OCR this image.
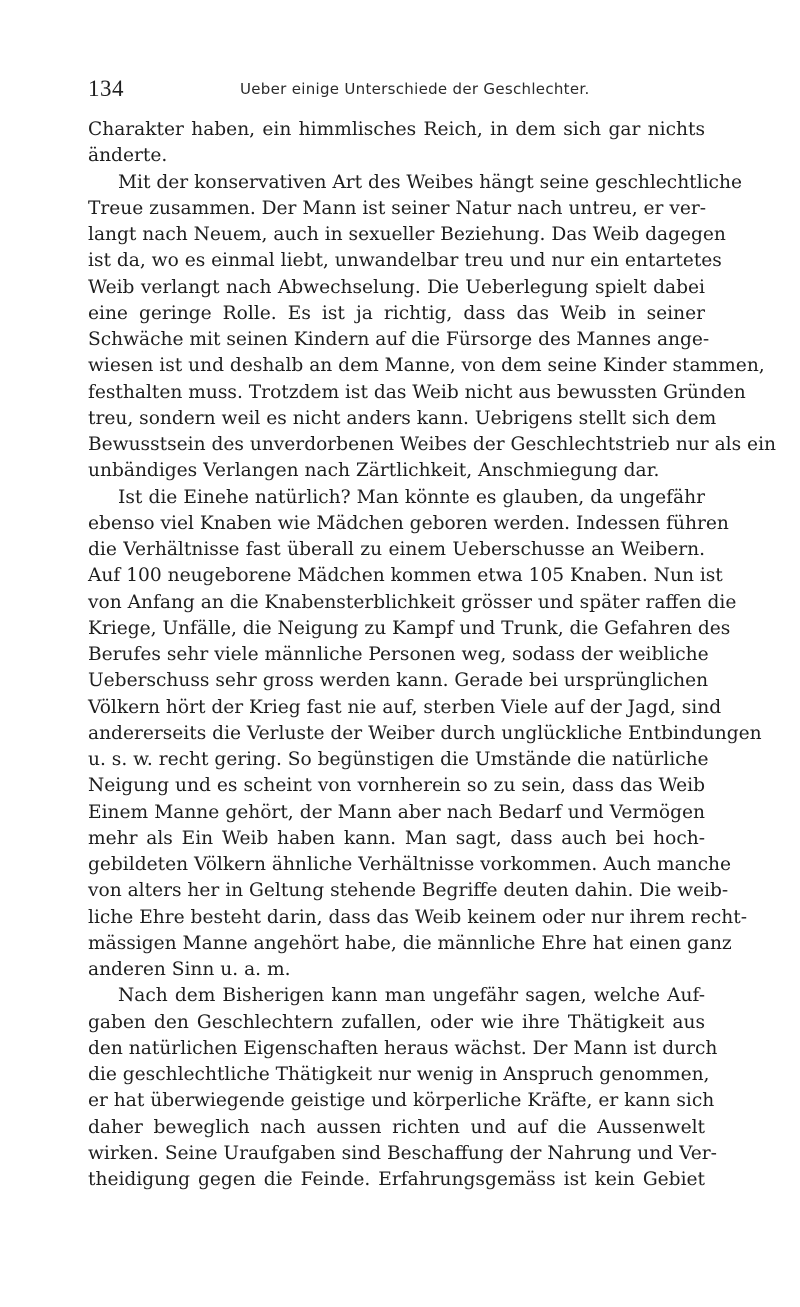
134	Ueber einige Unterschiede der Geschlechter.
Charakter haben, ein himmlisches Reich, in dem sich gar nichts
änderte.
Mit der konservativen Art des Weibes hängt seine geschlechtliche
Treue zusammen. Der Mann ist seiner Natur nach untreu, er ver-
langt nach Neuem, auch in sexueller Beziehung. Das Weib dagegen
ist da, wo es einmal liebt, unwandelbar treu und nur ein entartetes
Weib verlangt nach Abwechselung. Die Ueberlegung spielt dabei
eine geringe Rolle. Es ist ja richtig, dass das Weib in seiner
Schwäche mit seinen Kindern auf die Fürsorge des Mannes ange-
wiesen ist und deshalb an dem Manne, von dem seine Kinder stammen,
festhalten muss. Trotzdem ist das Weib nicht aus bewussten Gründen
treu, sondern weil es nicht anders kann. Uebrigens stellt sich dem
Bewusstsein des unverdorbenen Weibes der Geschlechtstrieb nur als ein
unbändiges Verlangen nach Zärtlichkeit, Anschmiegung dar.
Ist die Einehe natürlich? Man könnte es glauben, da ungefähr
ebenso viel Knaben wie Mädchen geboren werden. Indessen führen
die Verhältnisse fast überall zu einem Ueberschusse an Weibern.
Auf 100 neugeborene Mädchen kommen etwa 105 Knaben. Nun ist
von Anfang an die Knabensterblichkeit grösser und später raffen die
Kriege, Unfälle, die Neigung zu Kampf und Trunk, die Gefahren des
Berufes sehr viele männliche Personen weg, sodass der weibliche
Ueberschuss sehr gross werden kann. Gerade bei ursprünglichen
Völkern hört der Krieg fast nie auf, sterben Viele auf der Jagd, sind
andererseits die Verluste der Weiber durch unglückliche Entbindungen
u. s. w. recht gering. So begünstigen die Umstände die natürliche
Neigung und es scheint von vornherein so zu sein, dass das Weib
Einem Manne gehört, der Mann aber nach Bedarf und Vermögen
mehr als Ein Weib haben kann. Man sagt, dass auch bei hoch-
gebildeten Völkern ähnliche Verhältnisse vorkommen. Auch manche
von alters her in Geltung stehende Begriffe deuten dahin. Die weib-
liche Ehre besteht darin, dass das Weib keinem oder nur ihrem recht-
mässigen Manne angehört habe, die männliche Ehre hat einen ganz
anderen Sinn u. a. m.
Nach dem Bisherigen kann man ungefähr sagen, welche Auf-
gaben den Geschlechtern zufallen, oder wie ihre Thätigkeit aus
den natürlichen Eigenschaften heraus wächst. Der Mann ist durch
die geschlechtliche Thätigkeit nur wenig in Anspruch genommen,
er hat überwiegende geistige und körperliche Kräfte, er kann sich
daher beweglich nach aussen richten und auf die Aussenwelt
wirken. Seine Uraufgaben sind Beschaffung der Nahrung und Ver-
theidigung gegen die Feinde. Erfahrungsgemäss ist kein Gebiet
